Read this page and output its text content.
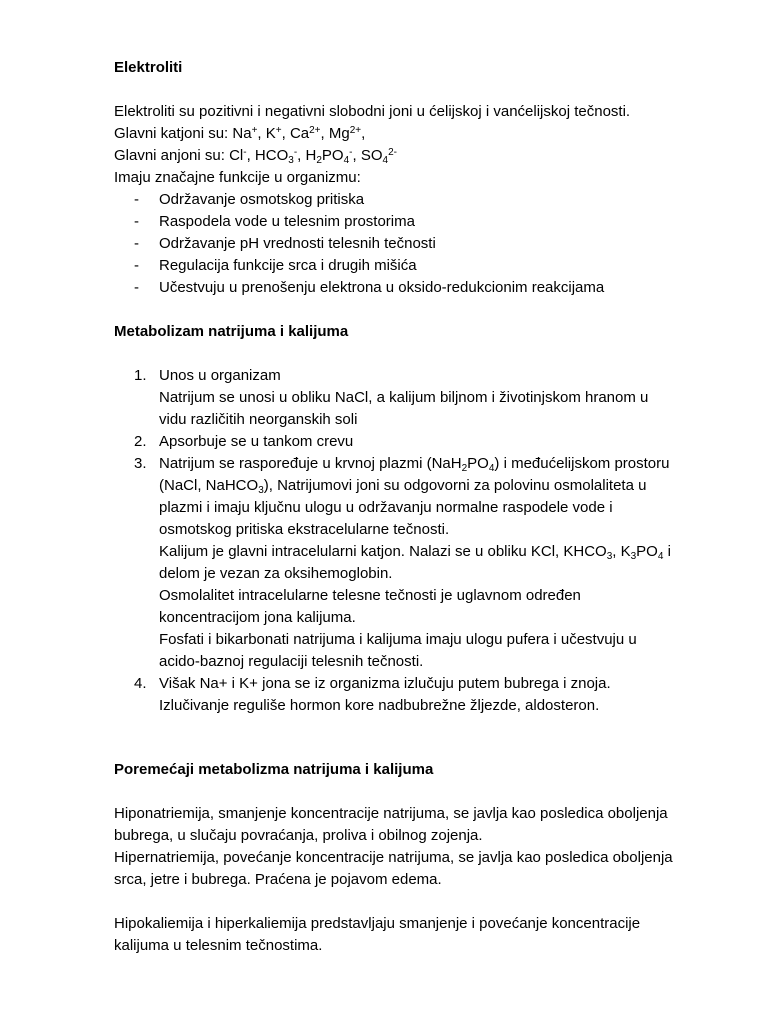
Elektroliti

Elektroliti su pozitivni i negativni slobodni joni u ćelijskoj i vanćelijskoj tečnosti.

Glavni katjoni su: Na+, K+, $Ca^{2+}$, $Mg^{2+}$,

Glavni anjoni su: Cl-, $HCO_3^-$, $H_2PO_4^-$, $SO_4^{2-}$

Imaju značajne funkcije u organizmu:

- Održavanje osmotskog pritiska
- Raspodela vode u telesnim prostorima
- Održavanje pH vrednosti telesnih tečnosti
- Regulacija funkcije srca i drugih mišića
- Učestvuju u prenošenju elektrona u oksido-redukcionim reakcijama
Metabolizam natrijuma i kalijuma
1. Unos u organizam
Natrijum se unosi u obliku NaCl, a kalijum biljnom i životinjskom hranom u vidu različitih neorganskih soli
2. Apsorbuje se u tankom crevu
3. Natrijum se raspoređuje u krvnoj plazmi $(NaH_2PO_4)$ i međućelijskom prostoru (NaCl, NaHCO$_3$), Natrijumovi joni su odgovorni za polovinu osmolaliteta u plazmi i imaju ključnu ulogu u održavanju normalne raspodele vode i osmotskog pritiska ekstracelularne tečnosti.
Kalijum je glavni intracelularni katjon. Nalazi se u obliku KCl, $KHCO_3$, $K_3PO_4$ i delom je vezan za oksihemoglobin.
Osmolalitet intracelularne telesne tečnosti je uglavnom određen koncentracijom jona kalijuma.
Fosfati i bikarbonati natrijuma i kalijuma imaju ulogu pufera i učestvuju u acido-baznoj regulaciji telesnih tečnosti.
4. Višak Na+ i K+ jona se iz organizma izlučuju putem bubrega i znoja.
Izlučivanje reguliše hormon kore nadbubrežne žljezde, aldosteron.
Poremećaji metabolizma natrijuma i kalijuma

Hiponatriemija, smanjenje koncentracije natrijuma, se javlja kao posledica oboljenja bubrega, u slučaju povraćanja, proliva i obilnog zojenja.

Hipernatriemija, povećanje koncentracije natrijuma, se javlja kao posledica oboljenja srca, jetre i bubrega. Praćena je pojavom edema.

Hipokaliemija i hiperkaliemija predstavljaju smanjenje i povećanje koncentracije kalijuma u telesnim tečnostima.
